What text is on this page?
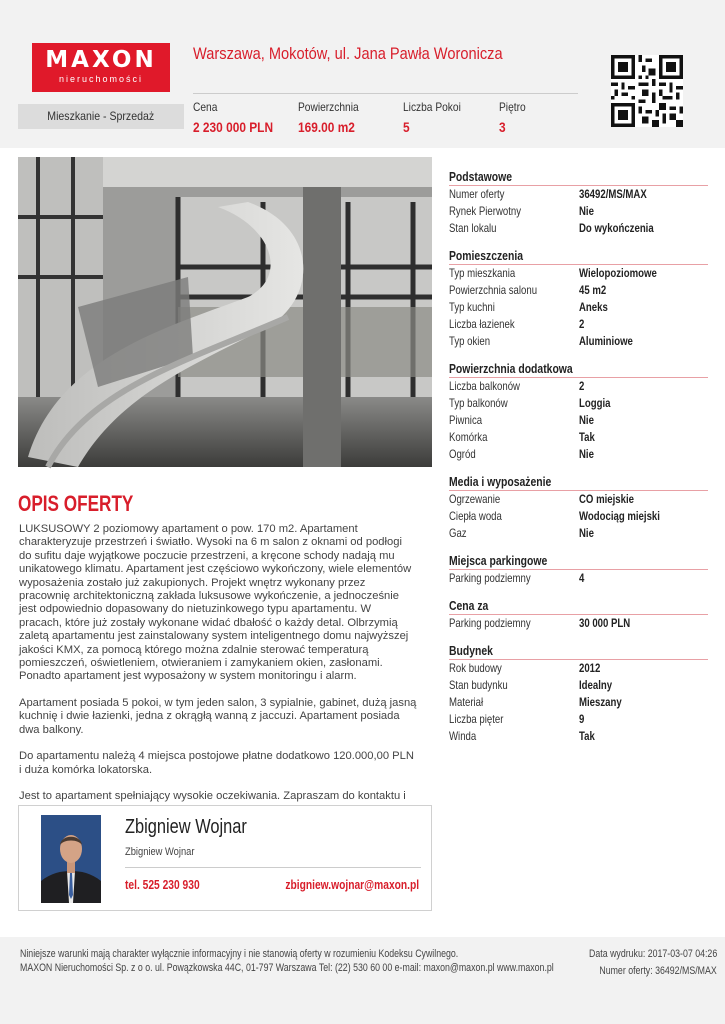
MAXON
nieruchomości
Warszawa, Mokotów, ul. Jana Pawła Woronicza
Mieszkanie - Sprzedaż
Cena
2 230 000 PLN
Powierzchnia
169.00 m2
Liczba Pokoi
5
Piętro
3
OPIS OFERTY

LUKSUSOWY 2 poziomowy apartament o pow. 170 m2. Apartament charakteryzuje przestrzeń i światło. Wysoki na 6 m salon z oknami od podłogi do sufitu daje wyjątkowe poczucie przestrzeni, a kręcone schody nadają mu unikatowego klimatu. Apartament jest częściowo wykończony, wiele elementów wyposażenia zostało już zakupionych. Projekt wnętrz wykonany przez pracownię architektoniczną zakłada luksusowe wykończenie, a jednocześnie jest odpowiednio dopasowany do nietuzinkowego typu apartamentu. W pracach, które już zostały wykonane widać dbałość o każdy detal. Olbrzymią zaletą apartamentu jest zainstalowany system inteligentnego domu najwyższej jakości KMX, za pomocą którego można zdalnie sterować temperaturą pomieszczeń, oświetleniem, otwieraniem i zamykaniem okien, zasłonami. Ponadto apartament jest wyposażony w system monitoringu i alarm.

Apartament posiada 5 pokoi, w tym jeden salon, 3 sypialnie, gabinet, dużą jasną kuchnię i dwie łazienki, jedna z okrągłą wanną z jaccuzi. Apartament posiada dwa balkony.

Do apartamentu należą 4 miejsca postojowe płatne dodatkowo 120.000,00 PLN i duża komórka lokatorska.

Jest to apartament spełniający wysokie oczekiwania. Zapraszam do kontaktu i

Zbigniew Wojnar
Zbigniew Wojnar
tel. 525 230 930	zbigniew.wojnar@maxon.pl
Podstawowe
Numer oferty	36492/MS/MAX
Rynek Pierwotny	Nie
Stan lokalu	Do wykończenia
Pomieszczenia
Typ mieszkania	Wielopoziomowe
Powierzchnia salonu	45 m2
Typ kuchni	Aneks
Liczba łazienek	2
Typ okien	Aluminiowe
Powierzchnia dodatkowa
Liczba balkonów	2
Typ balkonów	Loggia
Piwnica	Nie
Komórka	Tak
Ogród	Nie
Media i wyposażenie
Ogrzewanie	CO miejskie
Ciepła woda	Wodociąg miejski
Gaz	Nie
Miejsca parkingowe
Parking podziemny	4
Cena za
Parking podziemny	30 000 PLN
Budynek
Rok budowy	2012
Stan budynku	Idealny
Materiał	Mieszany
Liczba pięter	9
Winda	Tak
Niniejsze warunki mają charakter wyłącznie informacyjny i nie stanowią oferty w rozumieniu Kodeksu Cywilnego.
MAXON Nieruchomości Sp. z o o. ul. Powązkowska 44C, 01-797 Warszawa Tel: (22) 530 60 00 e-mail: maxon@maxon.pl www.maxon.pl
Data wydruku: 2017-03-07 04:26
Numer oferty: 36492/MS/MAX
